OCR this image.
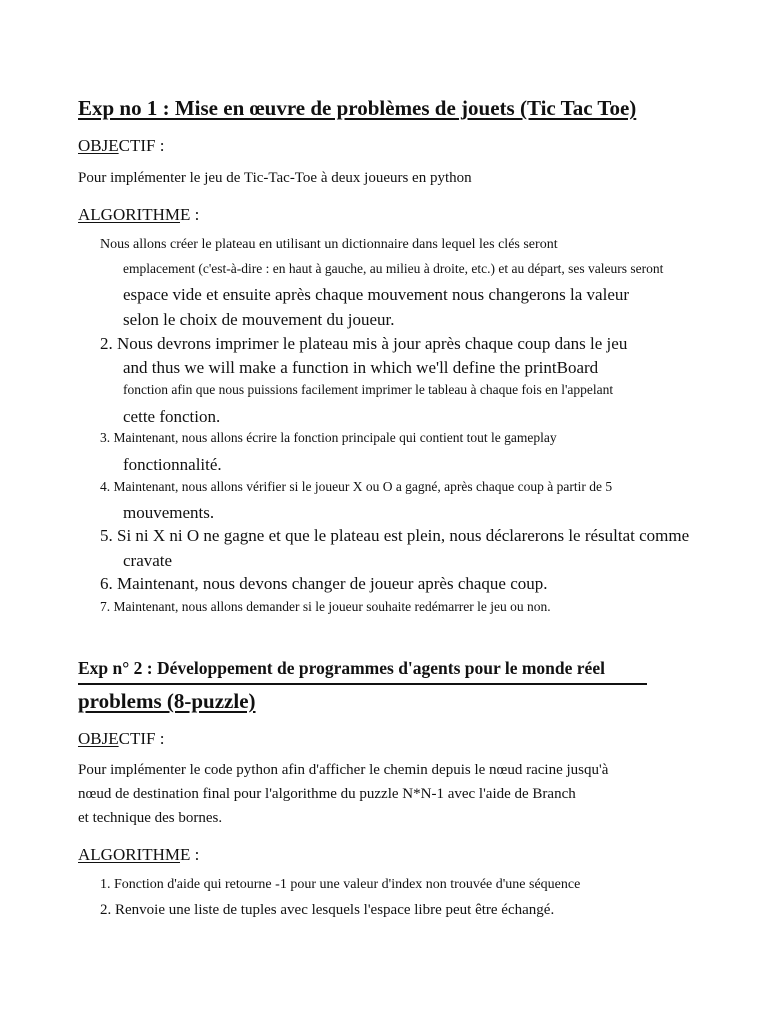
Exp no 1 : Mise en œuvre de problèmes de jouets (Tic Tac Toe)
OBJECTIF :
Pour implémenter le jeu de Tic-Tac-Toe à deux joueurs en python
ALGORITHME :
Nous allons créer le plateau en utilisant un dictionnaire dans lequel les clés seront
emplacement (c'est-à-dire : en haut à gauche, au milieu à droite, etc.) et au départ, ses valeurs seront
espace vide et ensuite après chaque mouvement nous changerons la valeur
selon le choix de mouvement du joueur.
2. Nous devrons imprimer le plateau mis à jour après chaque coup dans le jeu
and thus we will make a function in which we'll define the printBoard
fonction afin que nous puissions facilement imprimer le tableau à chaque fois en l'appelant
cette fonction.
3. Maintenant, nous allons écrire la fonction principale qui contient tout le gameplay
fonctionnalité.
4. Maintenant, nous allons vérifier si le joueur X ou O a gagné, après chaque coup à partir de 5
mouvements.
5. Si ni X ni O ne gagne et que le plateau est plein, nous déclarerons le résultat comme
cravate
6. Maintenant, nous devons changer de joueur après chaque coup.
7. Maintenant, nous allons demander si le joueur souhaite redémarrer le jeu ou non.
Exp n° 2 : Développement de programmes d'agents pour le monde réel
problems (8-puzzle)
OBJECTIF :
Pour implémenter le code python afin d'afficher le chemin depuis le nœud racine jusqu'à
nœud de destination final pour l'algorithme du puzzle N*N-1 avec l'aide de Branch
et technique des bornes.
ALGORITHME :
1. Fonction d'aide qui retourne -1 pour une valeur d'index non trouvée d'une séquence
2. Renvoie une liste de tuples avec lesquels l'espace libre peut être échangé.
